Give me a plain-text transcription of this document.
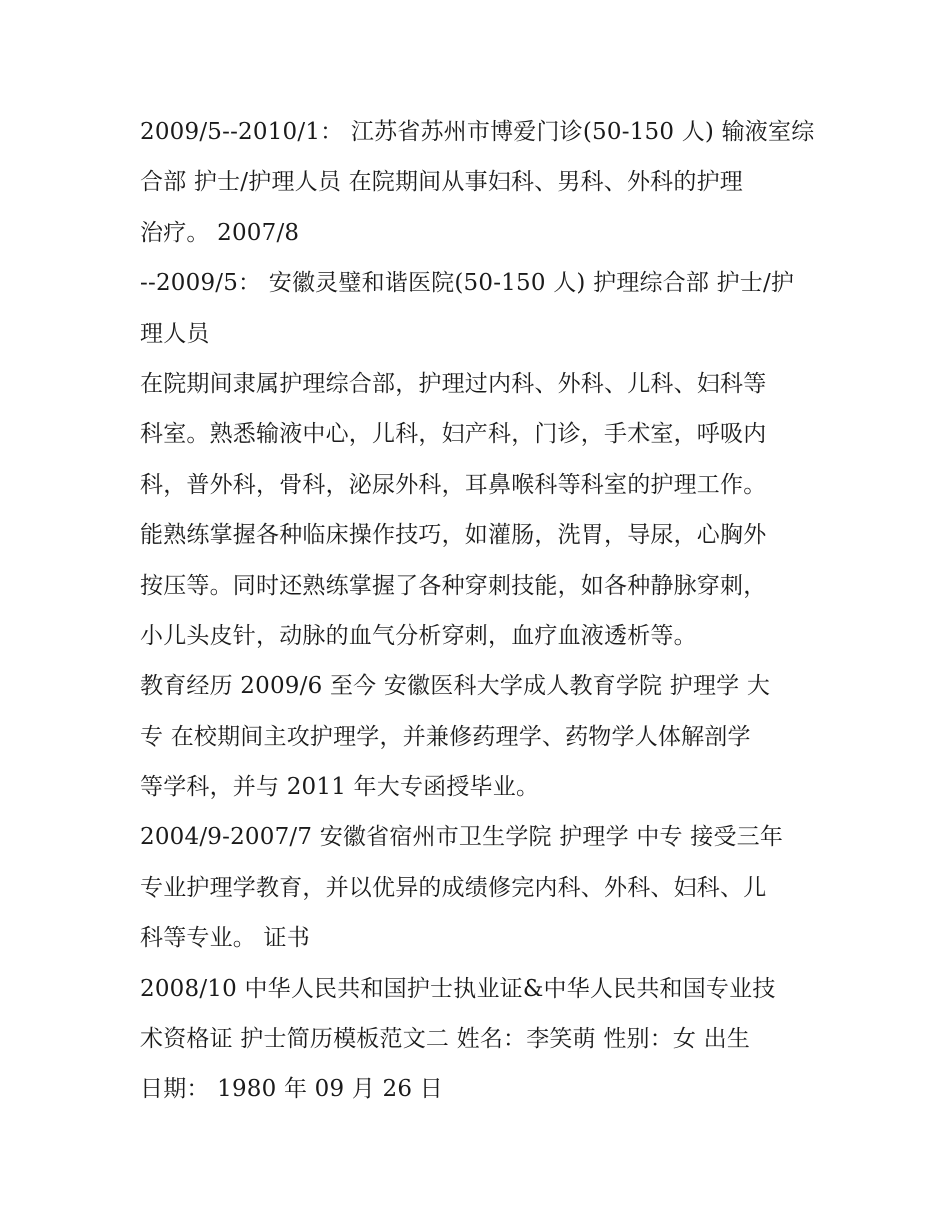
2009/5--2010/1： 江苏省苏州市博爱门诊(50-150 人) 输液室综
合部 护士/护理人员 在院期间从事妇科、男科、外科的护理
治疗。 2007/8
--2009/5： 安徽灵璧和谐医院(50-150 人) 护理综合部 护士/护
理人员
在院期间隶属护理综合部，护理过内科、外科、儿科、妇科等
科室。熟悉输液中心，儿科，妇产科，门诊，手术室，呼吸内
科，普外科，骨科，泌尿外科，耳鼻喉科等科室的护理工作。
能熟练掌握各种临床操作技巧，如灌肠，洗胃，导尿，心胸外
按压等。同时还熟练掌握了各种穿刺技能，如各种静脉穿刺，
小儿头皮针，动脉的血气分析穿刺，血疗血液透析等。
教育经历 2009/6 至今 安徽医科大学成人教育学院 护理学 大
专 在校期间主攻护理学，并兼修药理学、药物学人体解剖学
等学科，并与 2011 年大专函授毕业。
2004/9-2007/7 安徽省宿州市卫生学院 护理学 中专 接受三年
专业护理学教育，并以优异的成绩修完内科、外科、妇科、儿
科等专业。 证书
2008/10 中华人民共和国护士执业证&中华人民共和国专业技
术资格证 护士简历模板范文二 姓名：李笑萌 性别：女 出生
日期： 1980 年 09 月 26 日
